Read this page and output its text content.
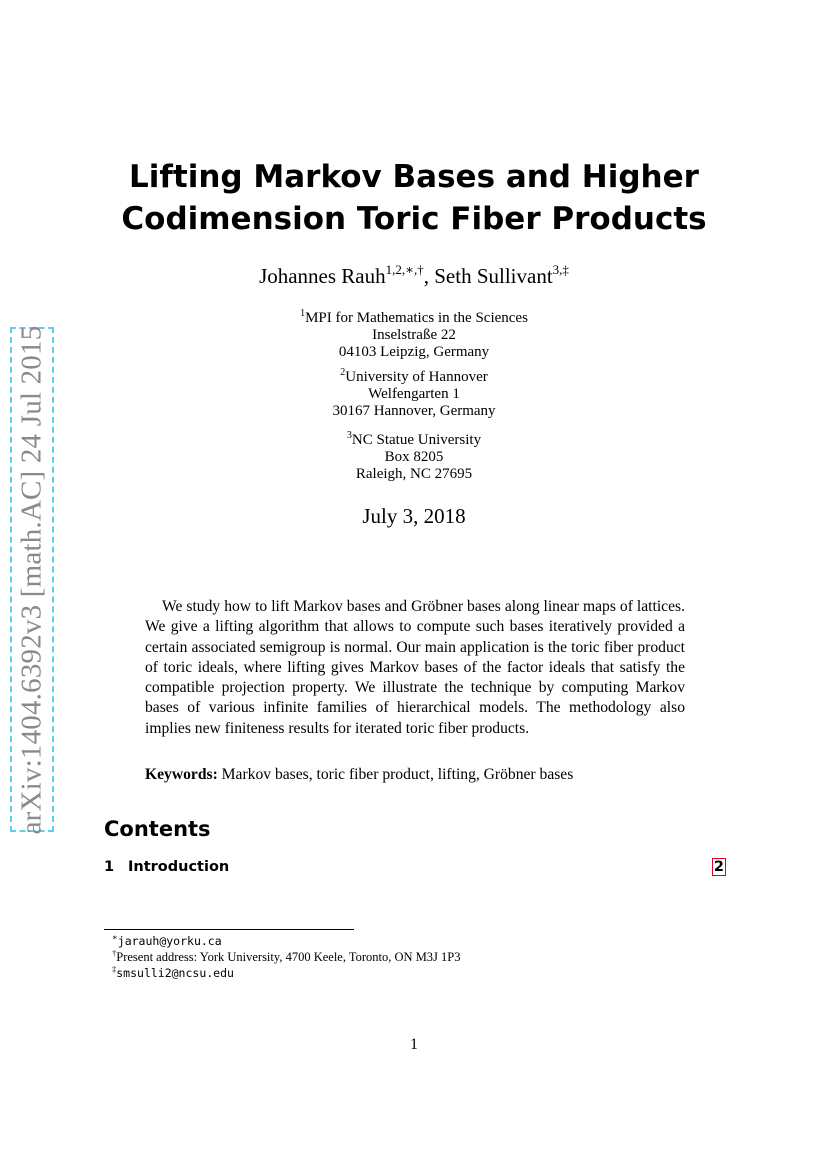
arXiv:1404.6392v3 [math.AC] 24 Jul 2015
Lifting Markov Bases and Higher
Codimension Toric Fiber Products
Johannes Rauh$^{1,2,∗,\dagger}$, Seth Sullivant$^{3,\ddagger}$
$^1$MPI for Mathematics in the Sciences
Inselstraße 22
04103 Leipzig, Germany
$^2$University of Hannover
Welfengarten 1
30167 Hannover, Germany
$^3$NC Statue University
Box 8205
Raleigh, NC 27695
July 3, 2018

We study how to lift Markov bases and Gröbner bases along linear maps of lattices. We give a lifting algorithm that allows to compute such bases iteratively provided a certain associated semigroup is normal. Our main application is the toric fiber product of toric ideals, where lifting gives Markov bases of the factor ideals that satisfy the compatible projection property. We illustrate the technique by computing Markov bases of various infinite families of hierarchical models. The methodology also implies new finiteness results for iterated toric fiber products.

Keywords: Markov bases, toric fiber product, lifting, Gröbner bases
Contents
1 Introduction	2
∗jarauh@yorku.ca
†Present address: York University, 4700 Keele, Toronto, ON M3J 1P3
‡smsulli2@ncsu.edu
1
